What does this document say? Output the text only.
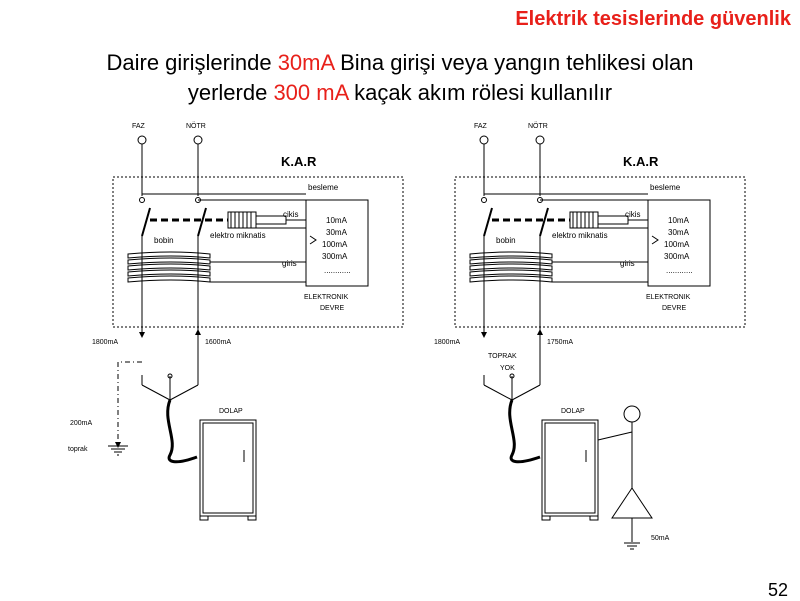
Elektrik tesislerinde güvenlik
Daire girişlerinde 30mA Bina girişi veya yangın tehlikesi olan
yerlerde 300 mA kaçak akım rölesi kullanılır
FAZ	NÖTR
K.A.R
besleme
cikis
elektro miknatis
bobin
giris
10mA
30mA
100mA
300mA
............
ELEKTRONIK
DEVRE
1800mA	1600mA
200mA
toprak
DOLAP
FAZ	NÖTR
K.A.R
besleme
cikis
elektro miknatis
bobin
giris
10mA
30mA
100mA
300mA
............
ELEKTRONIK
DEVRE
1800mA	1750mA
TOPRAK
YOK
DOLAP
50mA
52
